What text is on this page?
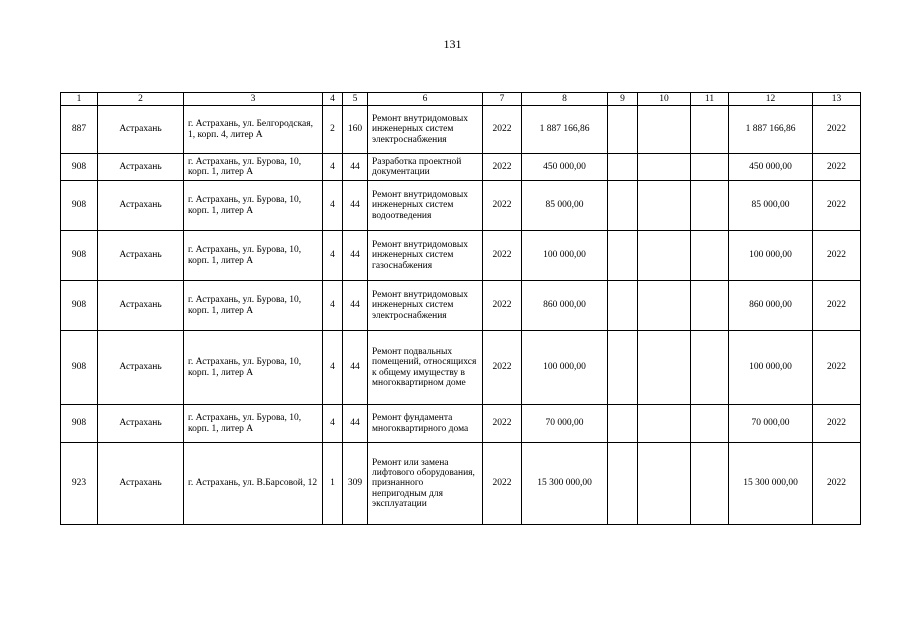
131
1	2	3	4	5	6	7	8	9	10	11	12	13
887	Астрахань	г. Астрахань, ул. Белгородская, 1, корп. 4, литер А	2	160	Ремонт внутридомовых инженерных систем электроснабжения	2022	1 887 166,86				1 887 166,86	2022
908	Астрахань	г. Астрахань, ул. Бурова, 10, корп. 1, литер А	4	44	Разработка проектной документации	2022	450 000,00				450 000,00	2022
908	Астрахань	г. Астрахань, ул. Бурова, 10, корп. 1, литер А	4	44	Ремонт внутридомовых инженерных систем водоотведения	2022	85 000,00				85 000,00	2022
908	Астрахань	г. Астрахань, ул. Бурова, 10, корп. 1, литер А	4	44	Ремонт внутридомовых инженерных систем газоснабжения	2022	100 000,00				100 000,00	2022
908	Астрахань	г. Астрахань, ул. Бурова, 10, корп. 1, литер А	4	44	Ремонт внутридомовых инженерных систем электроснабжения	2022	860 000,00				860 000,00	2022
908	Астрахань	г. Астрахань, ул. Бурова, 10, корп. 1, литер А	4	44	Ремонт подвальных помещений, относящихся к общему имуществу в многоквартирном доме	2022	100 000,00				100 000,00	2022
908	Астрахань	г. Астрахань, ул. Бурова, 10, корп. 1, литер А	4	44	Ремонт фундамента многоквартирного дома	2022	70 000,00				70 000,00	2022
923	Астрахань	г. Астрахань, ул. В.Барсовой, 12	1	309	Ремонт или замена лифтового оборудования, признанного непригодным для эксплуатации	2022	15 300 000,00				15 300 000,00	2022
